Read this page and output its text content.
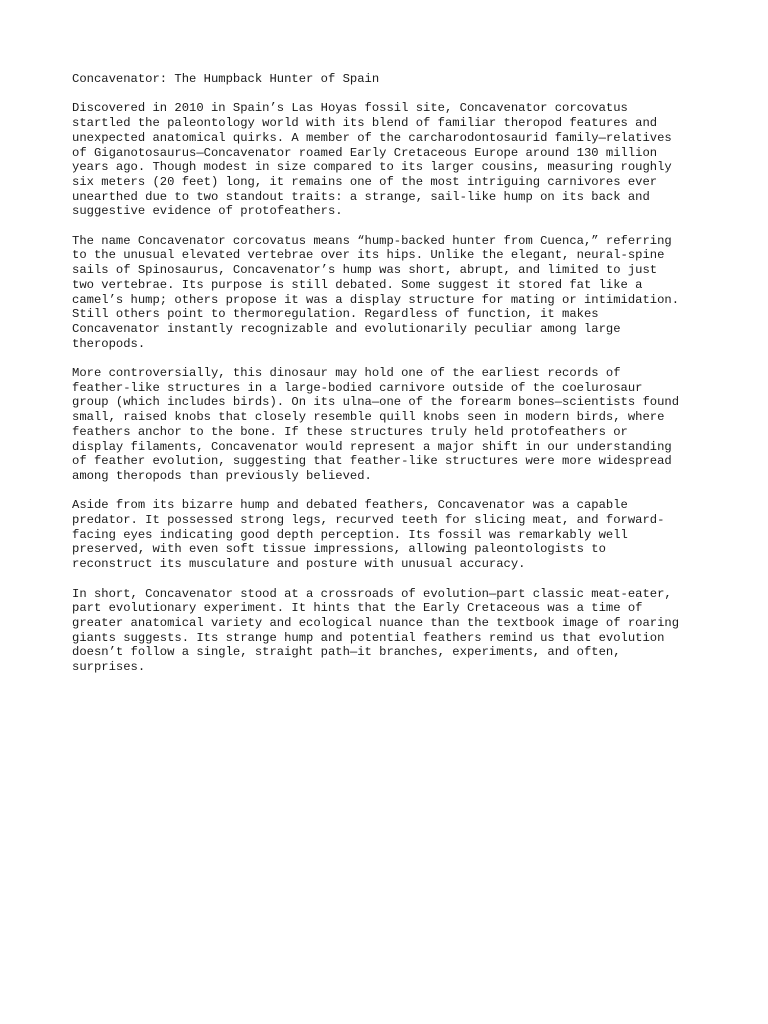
Concavenator: The Humpback Hunter of Spain

Discovered in 2010 in Spain’s Las Hoyas fossil site, Concavenator corcovatus
startled the paleontology world with its blend of familiar theropod features and
unexpected anatomical quirks. A member of the carcharodontosaurid family—relatives
of Giganotosaurus—Concavenator roamed Early Cretaceous Europe around 130 million
years ago. Though modest in size compared to its larger cousins, measuring roughly
six meters (20 feet) long, it remains one of the most intriguing carnivores ever
unearthed due to two standout traits: a strange, sail-like hump on its back and
suggestive evidence of protofeathers.

The name Concavenator corcovatus means “hump-backed hunter from Cuenca,” referring
to the unusual elevated vertebrae over its hips. Unlike the elegant, neural-spine
sails of Spinosaurus, Concavenator’s hump was short, abrupt, and limited to just
two vertebrae. Its purpose is still debated. Some suggest it stored fat like a
camel’s hump; others propose it was a display structure for mating or intimidation.
Still others point to thermoregulation. Regardless of function, it makes
Concavenator instantly recognizable and evolutionarily peculiar among large
theropods.

More controversially, this dinosaur may hold one of the earliest records of
feather-like structures in a large-bodied carnivore outside of the coelurosaur
group (which includes birds). On its ulna—one of the forearm bones—scientists found
small, raised knobs that closely resemble quill knobs seen in modern birds, where
feathers anchor to the bone. If these structures truly held protofeathers or
display filaments, Concavenator would represent a major shift in our understanding
of feather evolution, suggesting that feather-like structures were more widespread
among theropods than previously believed.

Aside from its bizarre hump and debated feathers, Concavenator was a capable
predator. It possessed strong legs, recurved teeth for slicing meat, and forward-
facing eyes indicating good depth perception. Its fossil was remarkably well
preserved, with even soft tissue impressions, allowing paleontologists to
reconstruct its musculature and posture with unusual accuracy.

In short, Concavenator stood at a crossroads of evolution—part classic meat-eater,
part evolutionary experiment. It hints that the Early Cretaceous was a time of
greater anatomical variety and ecological nuance than the textbook image of roaring
giants suggests. Its strange hump and potential feathers remind us that evolution
doesn’t follow a single, straight path—it branches, experiments, and often,
surprises.
